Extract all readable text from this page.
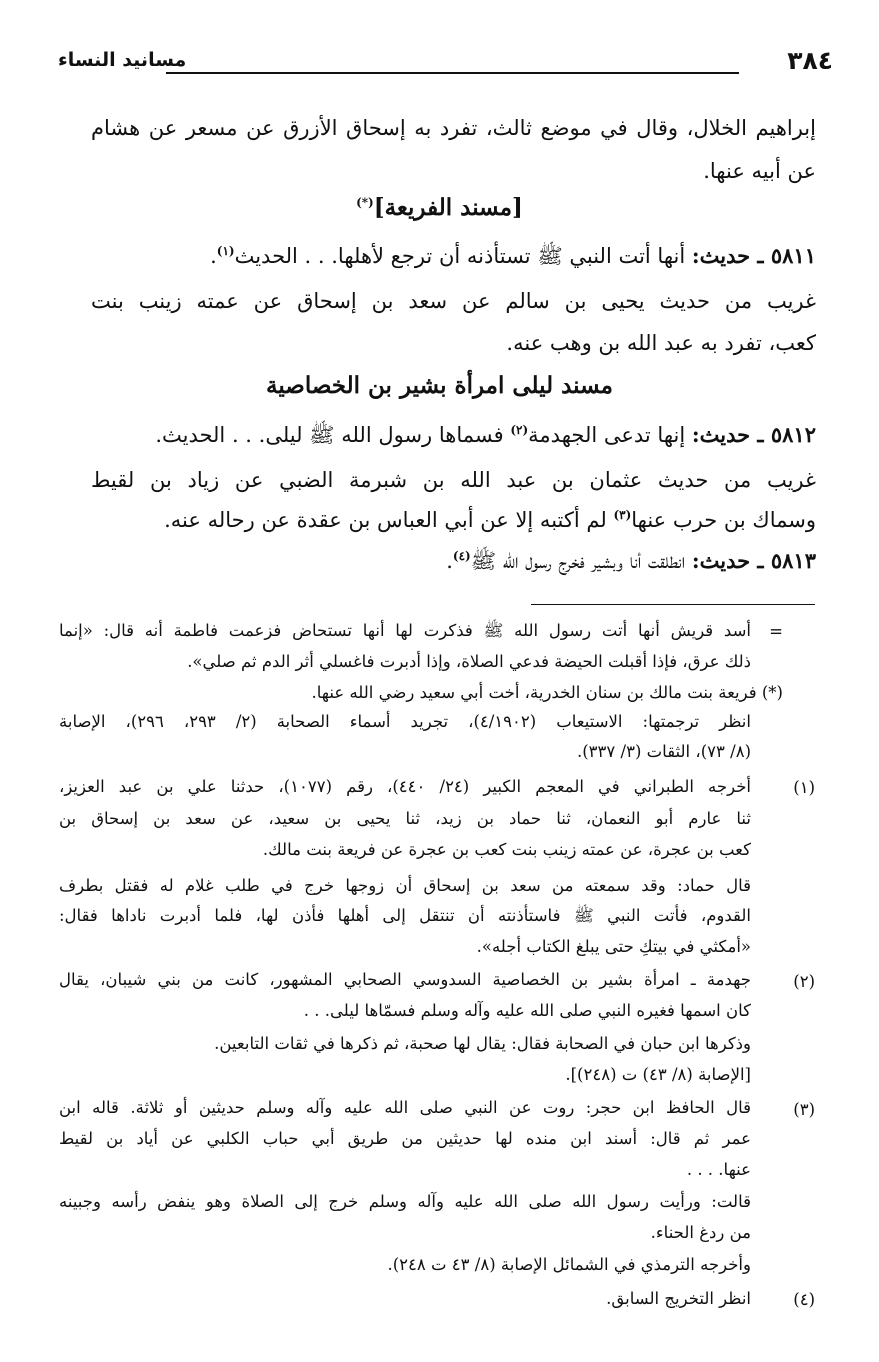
٣٨٤
مسانيد النساء
إبراهيم الخلال، وقال في موضع ثالث، تفرد به إسحاق الأزرق عن مسعر عن هشام
عن أبيه عنها.
[مسند الفريعة](*)
٥٨١١ ـ حديث: أنها أتت النبي ﷺ تستأذنه أن ترجع لأهلها. . . الحديث$^{(١)}$.
غريب من حديث يحيى بن سالم عن سعد بن إسحاق عن عمته زينب بنت
كعب، تفرد به عبد الله بن وهب عنه.
مسند ليلى امرأة بشير بن الخصاصية
٥٨١٢ ـ حديث: إنها تدعى الجهدمة$^{(٢)}$ فسماها رسول الله ﷺ ليلى. . . الحديث.
غريب من حديث عثمان بن عبد الله بن شبرمة الضبي عن زياد بن لقيط
وسماك بن حرب عنها$^{(٣)}$ لم أكتبه إلا عن أبي العباس بن عقدة عن رحاله عنه.
٥٨١٣ ـ حديث: انطلقت أنا وبشير فخرج رسول الله ﷺ$^{(٤)}$.
=
أسد قريش أنها أتت رسول الله ﷺ فذكرت لها أنها تستحاض فزعمت فاطمة أنه قال: «إنما
ذلك عرق، فإذا أقبلت الحيضة فدعي الصلاة، وإذا أدبرت فاغسلي أثر الدم ثم صلي».
(*) فريعة بنت مالك بن سنان الخدرية، أخت أبي سعيد رضي الله عنها.
انظر ترجمتها: الاستيعاب (٤/١٩٠٢)، تجريد أسماء الصحابة (٢/ ٢٩٣، ٢٩٦)، الإصابة
(٨/ ٧٣)، الثقات (٣/ ٣٣٧).
(١)
أخرجه الطبراني في المعجم الكبير (٢٤/ ٤٤٠)، رقم (١٠٧٧)، حدثنا علي بن عبد العزيز،
ثنا عارم أبو النعمان، ثنا حماد بن زيد، ثنا يحيى بن سعيد، عن سعد بن إسحاق بن
كعب بن عجرة، عن عمته زينب بنت كعب بن عجرة عن فريعة بنت مالك.
قال حماد: وقد سمعته من سعد بن إسحاق أن زوجها خرج في طلب غلام له فقتل بطرف
القدوم، فأتت النبي ﷺ فاستأذنته أن تنتقل إلى أهلها فأذن لها، فلما أدبرت ناداها فقال:
«أمكثي في بيتكِ حتى يبلغ الكتاب أجله».
(٢)
جهدمة ـ امرأة بشير بن الخصاصية السدوسي الصحابي المشهور، كانت من بني شيبان، يقال
كان اسمها فغيره النبي صلى الله عليه وآله وسلم فسمّاها ليلى. . .
وذكرها ابن حبان في الصحابة فقال: يقال لها صحبة، ثم ذكرها في ثقات التابعين.
[الإصابة (٨/ ٤٣) ت (٢٤٨)].
(٣)
قال الحافظ ابن حجر: روت عن النبي صلى الله عليه وآله وسلم حديثين أو ثلاثة. قاله ابن
عمر ثم قال: أسند ابن منده لها حديثين من طريق أبي حباب الكلبي عن أياد بن لقيط
عنها. . . .
قالت: ورأيت رسول الله صلى الله عليه وآله وسلم خرج إلى الصلاة وهو ينفض رأسه وجبينه
من ردغ الحناء.
وأخرجه الترمذي في الشمائل الإصابة (٨/ ٤٣ ت ٢٤٨).
(٤)
انظر التخريج السابق.
